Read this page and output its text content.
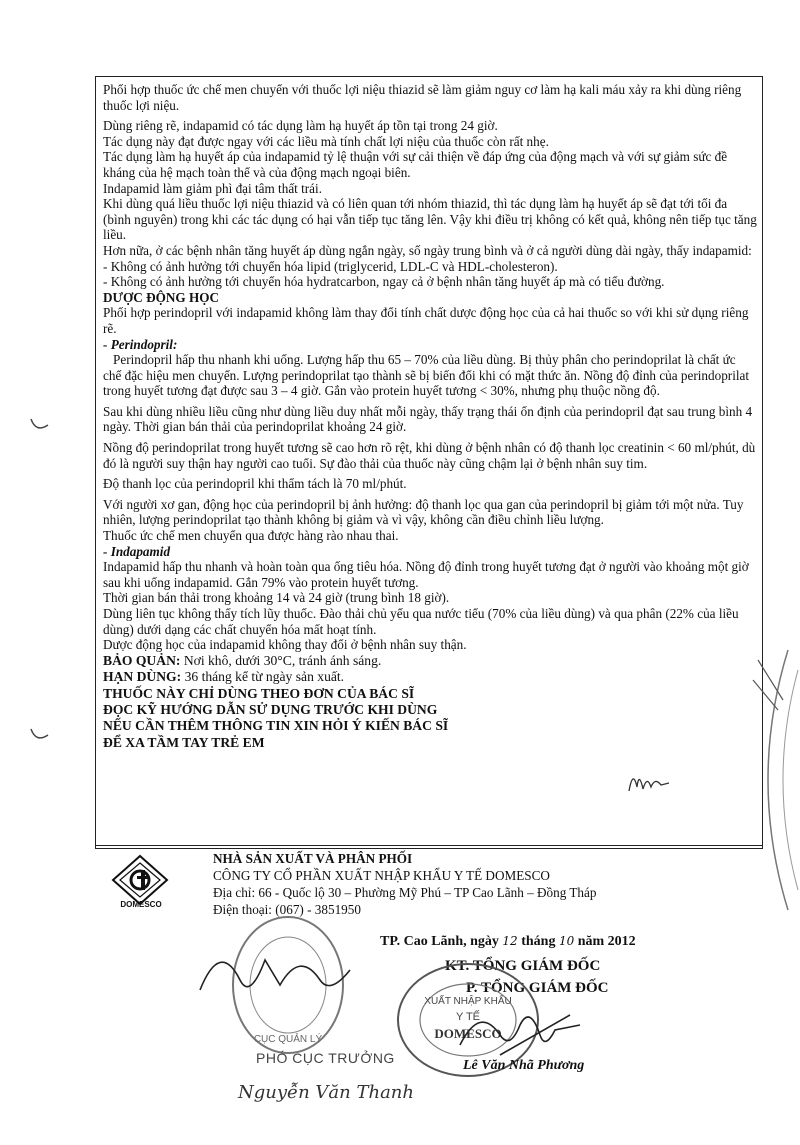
Phối hợp thuốc ức chế men chuyển với thuốc lợi niệu thiazid sẽ làm giảm nguy cơ làm hạ kali máu xảy ra khi dùng riêng thuốc lợi niệu.

Dùng riêng rẽ, indapamid có tác dụng làm hạ huyết áp tồn tại trong 24 giờ.

Tác dụng này đạt được ngay với các liều mà tính chất lợi niệu của thuốc còn rất nhẹ.

Tác dụng làm hạ huyết áp của indapamid tỷ lệ thuận với sự cải thiện về đáp ứng của động mạch và với sự giảm sức đề kháng của hệ mạch toàn thể và của động mạch ngoại biên.

Indapamid làm giảm phì đại tâm thất trái.

Khi dùng quá liều thuốc lợi niệu thiazid và có liên quan tới nhóm thiazid, thì tác dụng làm hạ huyết áp sẽ đạt tới tối đa (bình nguyên) trong khi các tác dụng có hại vẫn tiếp tục tăng lên. Vậy khi điều trị không có kết quả, không nên tiếp tục tăng liều.

Hơn nữa, ở các bệnh nhân tăng huyết áp dùng ngắn ngày, số ngày trung bình và ở cả người dùng dài ngày, thấy indapamid:

- Không có ảnh hưởng tới chuyển hóa lipid (triglycerid, LDL-C và HDL-cholesteron).

- Không có ảnh hưởng tới chuyển hóa hydratcarbon, ngay cả ở bệnh nhân tăng huyết áp mà có tiểu đường.

DƯỢC ĐỘNG HỌC

Phối hợp perindopril với indapamid không làm thay đổi tính chất dược động học của cả hai thuốc so với khi sử dụng riêng rẽ.

- Perindopril:

Perindopril hấp thu nhanh khi uống. Lượng hấp thu 65 – 70% của liều dùng. Bị thủy phân cho perindoprilat là chất ức chế đặc hiệu men chuyển. Lượng perindoprilat tạo thành sẽ bị biến đổi khi có mặt thức ăn. Nồng độ đỉnh của perindoprilat trong huyết tương đạt được sau 3 – 4 giờ. Gắn vào protein huyết tương < 30%, nhưng phụ thuộc nồng độ.

Sau khi dùng nhiều liều cũng như dùng liều duy nhất mỗi ngày, thấy trạng thái ổn định của perindopril đạt sau trung bình 4 ngày. Thời gian bán thải của perindoprilat khoảng 24 giờ.

Nồng độ perindoprilat trong huyết tương sẽ cao hơn rõ rệt, khi dùng ở bệnh nhân có độ thanh lọc creatinin < 60 ml/phút, dù đó là người suy thận hay người cao tuổi. Sự đào thải của thuốc này cũng chậm lại ở bệnh nhân suy tim.

Độ thanh lọc của perindopril khi thẩm tách là 70 ml/phút.

Với người xơ gan, động học của perindopril bị ảnh hưởng: độ thanh lọc qua gan của perindopril bị giảm tới một nửa. Tuy nhiên, lượng perindoprilat tạo thành không bị giảm và vì vậy, không cần điều chỉnh liều lượng.

Thuốc ức chế men chuyển qua được hàng rào nhau thai.

- Indapamid

Indapamid hấp thu nhanh và hoàn toàn qua ống tiêu hóa. Nồng độ đỉnh trong huyết tương đạt ở người vào khoảng một giờ sau khi uống indapamid. Gắn 79% vào protein huyết tương.

Thời gian bán thải trong khoảng 14 và 24 giờ (trung bình 18 giờ).

Dùng liên tục không thấy tích lũy thuốc. Đào thải chủ yếu qua nước tiểu (70% của liều dùng) và qua phân (22% của liều dùng) dưới dạng các chất chuyển hóa mất hoạt tính.

Dược động học của indapamid không thay đổi ở bệnh nhân suy thận.

BẢO QUẢN: Nơi khô, dưới 30°C, tránh ánh sáng.

HẠN DÙNG: 36 tháng kể từ ngày sản xuất.

THUỐC NÀY CHỈ DÙNG THEO ĐƠN CỦA BÁC SĨ

ĐỌC KỸ HƯỚNG DẪN SỬ DỤNG TRƯỚC KHI DÙNG

NẾU CẦN THÊM THÔNG TIN XIN HỎI Ý KIẾN BÁC SĨ

ĐỂ XA TẦM TAY TRẺ EM

DOMESCO
NHÀ SẢN XUẤT VÀ PHÂN PHỐI
CÔNG TY CỔ PHẦN XUẤT NHẬP KHẨU Y TẾ DOMESCO
Địa chỉ: 66 - Quốc lộ 30 – Phường Mỹ Phú – TP Cao Lãnh – Đồng Tháp
Điện thoại: (067) - 3851950
TP. Cao Lãnh, ngày 12 tháng 10 năm 2012
KT. TỔNG GIÁM ĐỐC
P. TỔNG GIÁM ĐỐC
XUẤT NHẬP KHẨU
Y TẾ
DOMESCO
Lê Văn Nhã Phương
CỤC QUẢN LÝ
PHÓ CỤC TRƯỞNG
Nguyễn Văn Thanh
